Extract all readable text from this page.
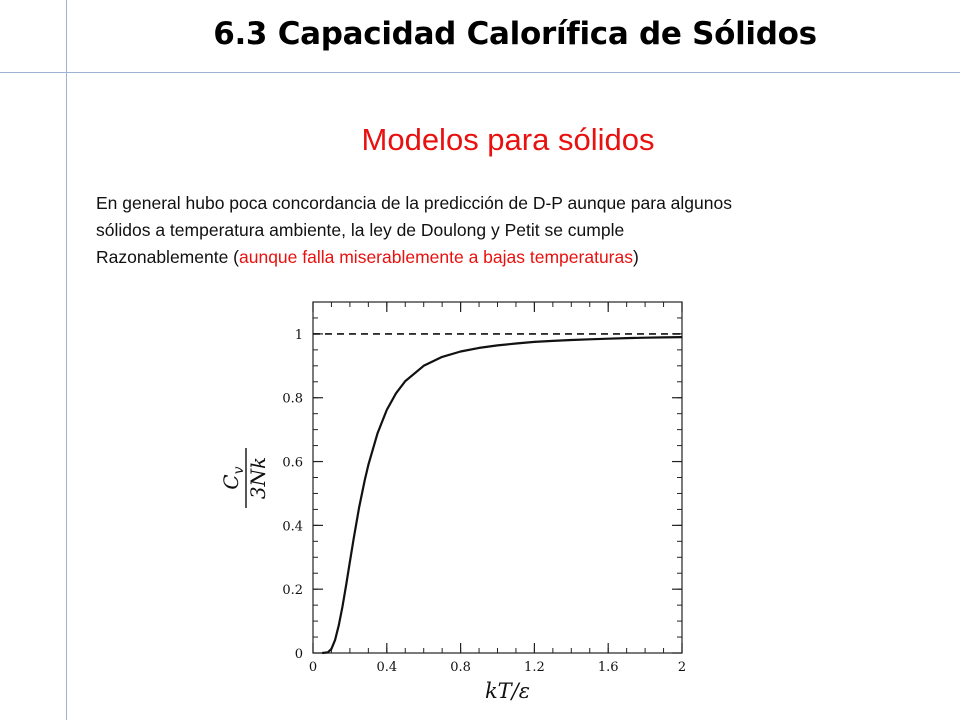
6.3 Capacidad Calorífica de Sólidos
Modelos para sólidos
En general hubo poca concordancia de la predicción de D-P aunque para algunos
sólidos a temperatura ambiente, la ley de Doulong y Petit se cumple
Razonablemente (aunque falla miserablemente a bajas temperaturas)
0	0.4	0.8	1.2	1.6	2
0
0.2
0.4
0.6
0.8
1
kT/ε
$C_v$ 3Nk
